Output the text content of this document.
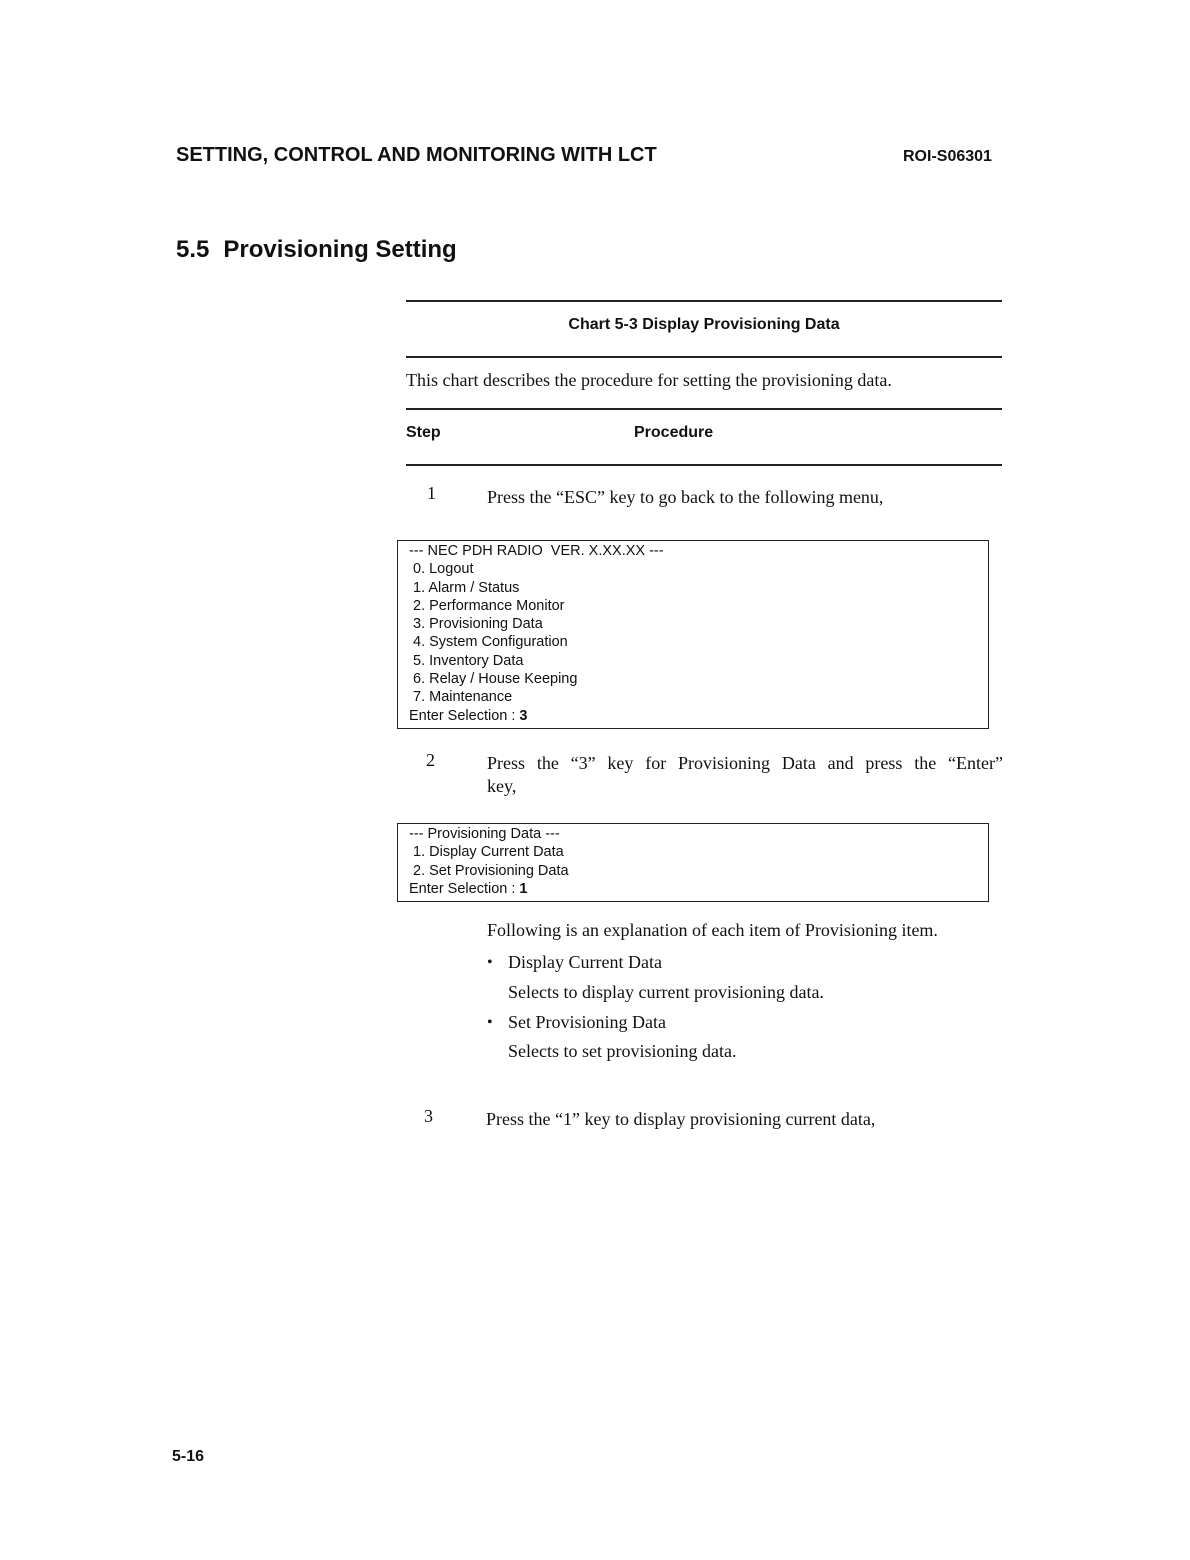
SETTING, CONTROL AND MONITORING WITH LCT	ROI-S06301
5.5 Provisioning Setting
Chart 5-3 Display Provisioning Data
This chart describes the procedure for setting the provisioning data.
Step	Procedure
1	Press the “ESC” key to go back to the following menu,
--- NEC PDH RADIO  VER. X.XX.XX ---
0. Logout
1. Alarm / Status
2. Performance Monitor
3. Provisioning Data
4. System Configuration
5. Inventory Data
6. Relay / House Keeping
7. Maintenance
Enter Selection : 3
2	Press the “3” key for Provisioning Data and press the “Enter”
key,
--- Provisioning Data ---
1. Display Current Data
2. Set Provisioning Data
Enter Selection : 1
Following is an explanation of each item of Provisioning item.
• Display Current Data
Selects to display current provisioning data.
• Set Provisioning Data
Selects to set provisioning data.
3	Press the “1” key to display provisioning current data,
5-16
